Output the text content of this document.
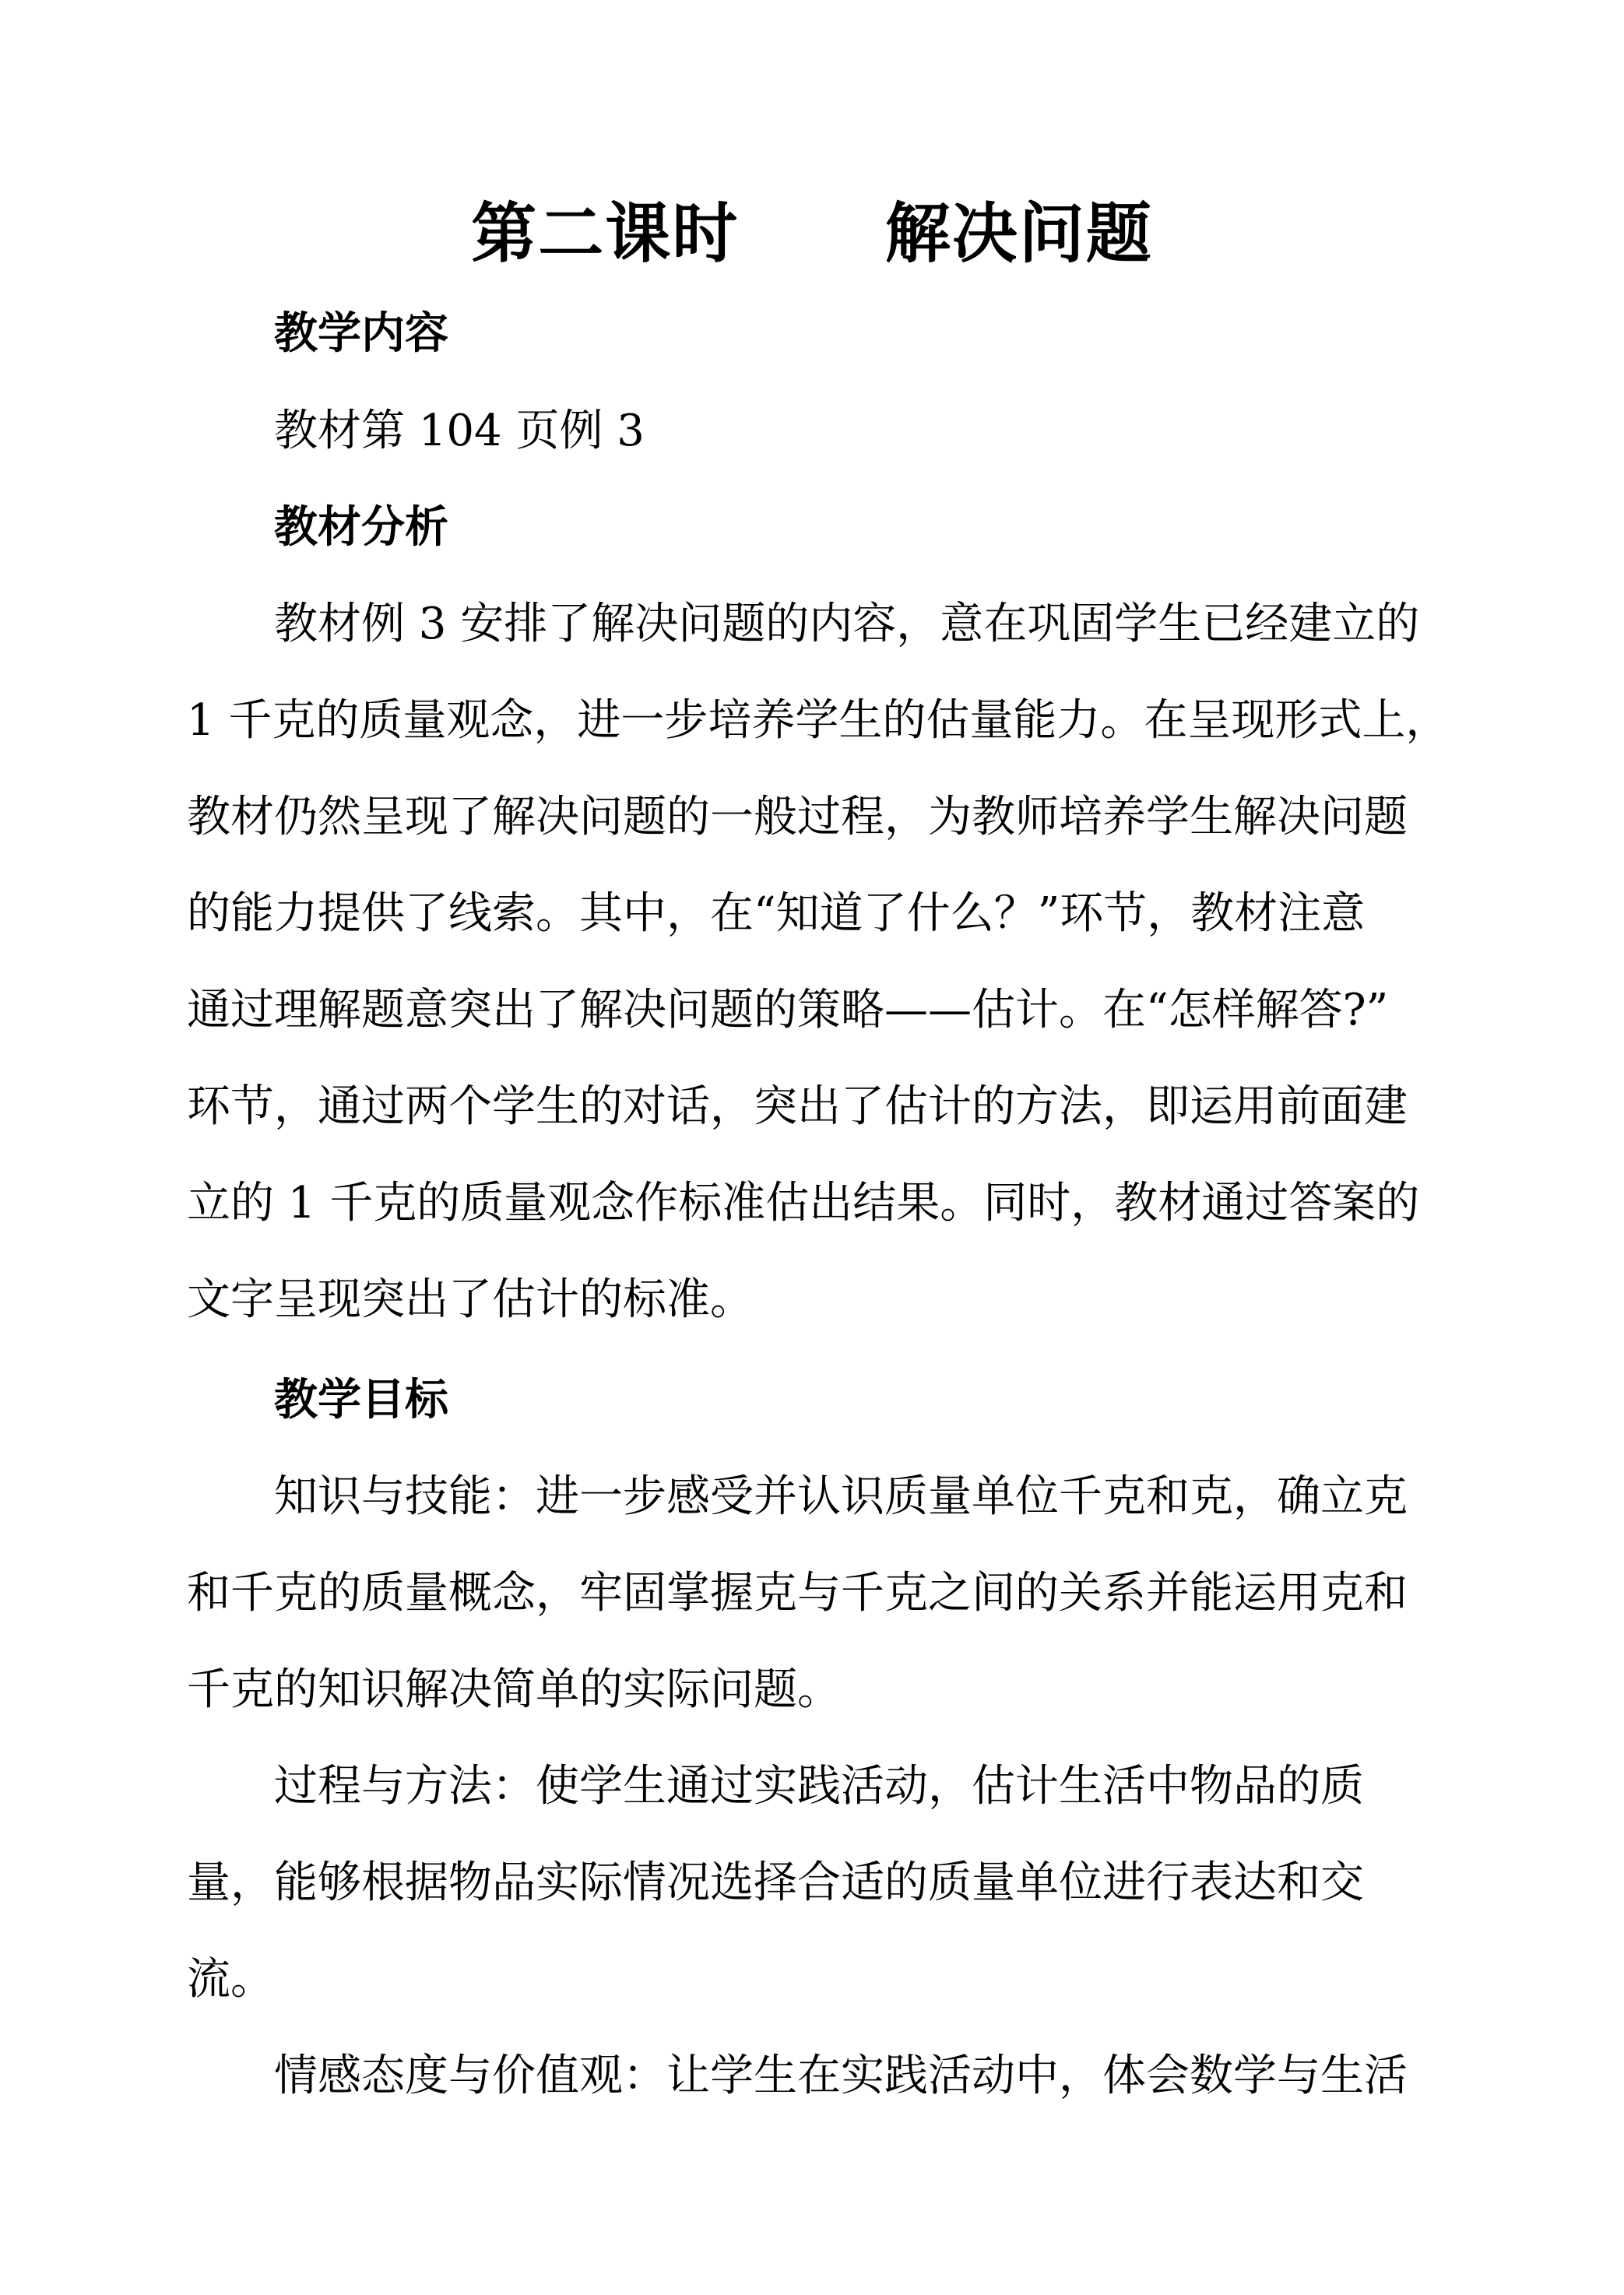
第二课时      解决问题
教学内容
教材第 104 页例 3
教材分析
教材例 3 安排了解决问题的内容，意在巩固学生已经建立的
1 千克的质量观念，进一步培养学生的估量能力。在呈现形式上，
教材仍然呈现了解决问题的一般过程，为教师培养学生解决问题
的能力提供了线索。其中，在“知道了什么？”环节，教材注意
通过理解题意突出了解决问题的策略——估计。在“怎样解答?”
环节，通过两个学生的对话，突出了估计的方法，即运用前面建
立的 1 千克的质量观念作标准估出结果。同时，教材通过答案的
文字呈现突出了估计的标准。
教学目标
知识与技能：进一步感受并认识质量单位千克和克，确立克
和千克的质量概念，牢固掌握克与千克之间的关系并能运用克和
千克的知识解决简单的实际问题。
过程与方法：使学生通过实践活动，估计生活中物品的质
量，能够根据物品实际情况选择合适的质量单位进行表达和交
流。
情感态度与价值观：让学生在实践活动中，体会数学与生活
